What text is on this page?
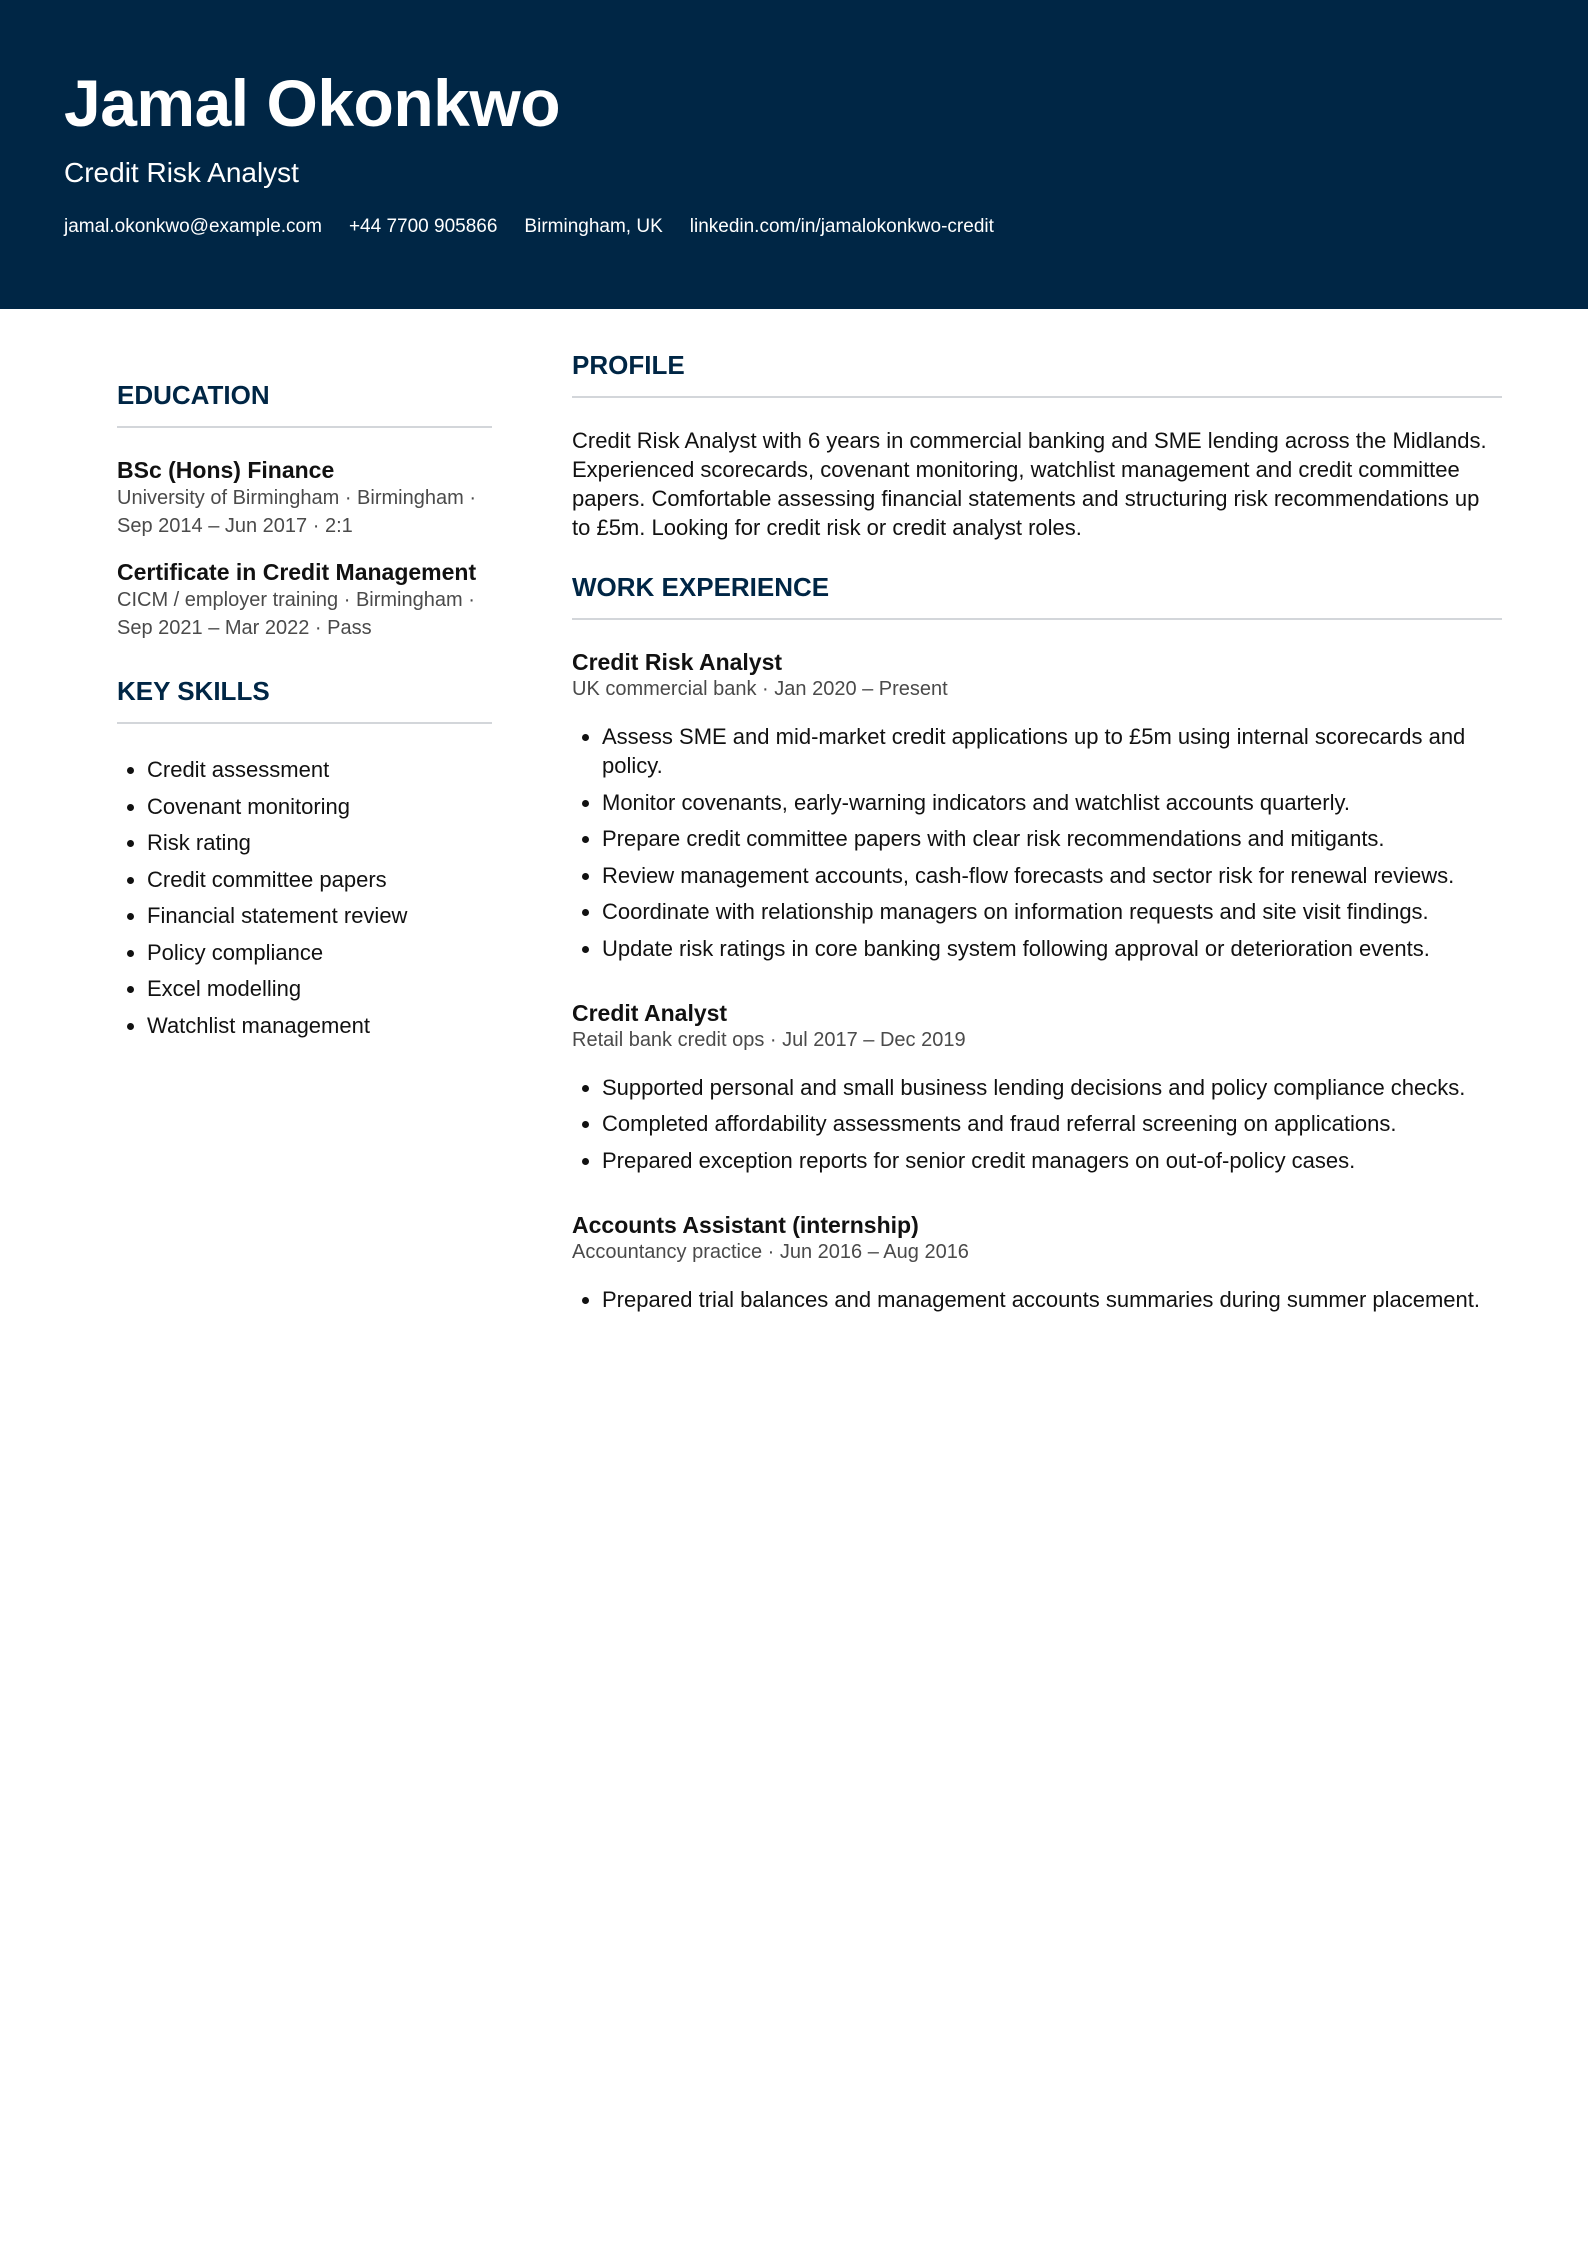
Jamal Okonkwo
Credit Risk Analyst
jamal.okonkwo@example.com +44 7700 905866 Birmingham, UK linkedin.com/in/jamalokonkwo-credit
EDUCATION
BSc (Hons) Finance
University of Birmingham · Birmingham · Sep 2014 – Jun 2017 · 2:1
Certificate in Credit Management
CICM / employer training · Birmingham · Sep 2021 – Mar 2022 · Pass
KEY SKILLS
• Credit assessment
• Covenant monitoring
• Risk rating
• Credit committee papers
• Financial statement review
• Policy compliance
• Excel modelling
• Watchlist management
PROFILE

Credit Risk Analyst with 6 years in commercial banking and SME lending across the Midlands. Experienced scorecards, covenant monitoring, watchlist management and credit committee papers. Comfortable assessing financial statements and structuring risk recommendations up to £5m. Looking for credit risk or credit analyst roles.

WORK EXPERIENCE
Credit Risk Analyst
UK commercial bank · Jan 2020 – Present
• Assess SME and mid-market credit applications up to £5m using internal scorecards and policy.
• Monitor covenants, early-warning indicators and watchlist accounts quarterly.
• Prepare credit committee papers with clear risk recommendations and mitigants.
• Review management accounts, cash-flow forecasts and sector risk for renewal reviews.
• Coordinate with relationship managers on information requests and site visit findings.
• Update risk ratings in core banking system following approval or deterioration events.
Credit Analyst
Retail bank credit ops · Jul 2017 – Dec 2019
• Supported personal and small business lending decisions and policy compliance checks.
• Completed affordability assessments and fraud referral screening on applications.
• Prepared exception reports for senior credit managers on out-of-policy cases.
Accounts Assistant (internship)
Accountancy practice · Jun 2016 – Aug 2016
• Prepared trial balances and management accounts summaries during summer placement.
